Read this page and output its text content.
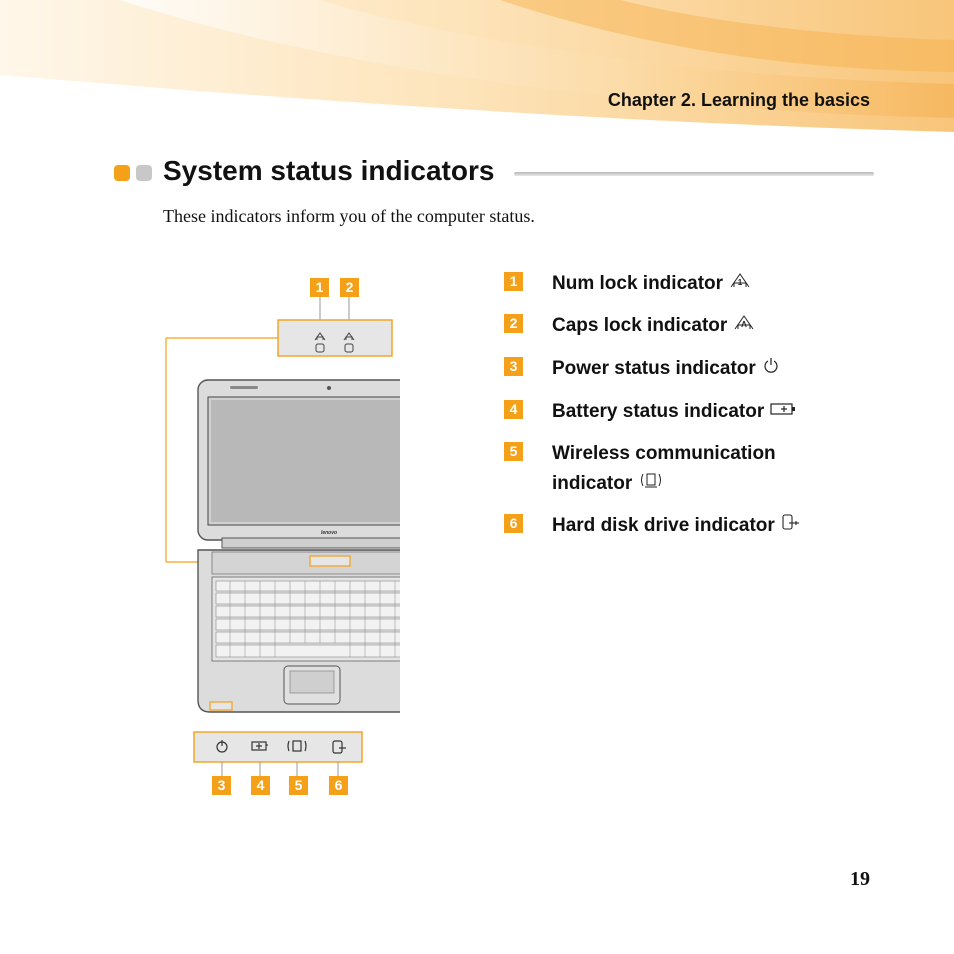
Chapter 2. Learning the basics
System status indicators
These indicators inform you of the computer status.
lenovo
1	2
3	4	5	6
1 Num lock indicator 1
2 Caps lock indicator A
3 Power status indicator
4 Battery status indicator
5 Wireless communication
indicator
6 Hard disk drive indicator
19
